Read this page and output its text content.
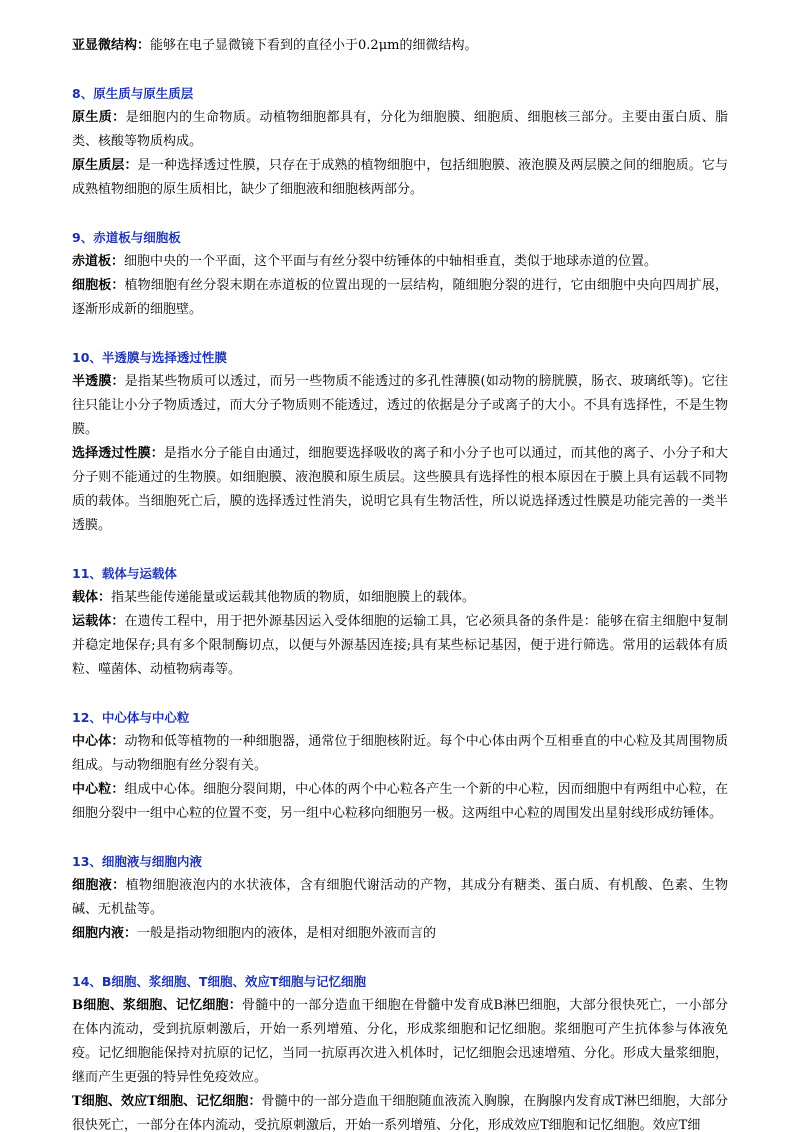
亚显微结构：能够在电子显微镜下看到的直径小于0.2μm的细微结构。

8、原生质与原生质层

原生质：是细胞内的生命物质。动植物细胞都具有，分化为细胞膜、细胞质、细胞核三部分。主要由蛋白质、脂类、核酸等物质构成。

原生质层：是一种选择透过性膜，只存在于成熟的植物细胞中，包括细胞膜、液泡膜及两层膜之间的细胞质。它与成熟植物细胞的原生质相比，缺少了细胞液和细胞核两部分。

9、赤道板与细胞板

赤道板：细胞中央的一个平面，这个平面与有丝分裂中纺锤体的中轴相垂直，类似于地球赤道的位置。

细胞板：植物细胞有丝分裂末期在赤道板的位置出现的一层结构，随细胞分裂的进行，它由细胞中央向四周扩展，逐渐形成新的细胞壁。

10、半透膜与选择透过性膜

半透膜：是指某些物质可以透过，而另一些物质不能透过的多孔性薄膜(如动物的膀胱膜，肠衣、玻璃纸等)。它往往只能让小分子物质透过，而大分子物质则不能透过，透过的依据是分子或离子的大小。不具有选择性，不是生物膜。

选择透过性膜：是指水分子能自由通过，细胞要选择吸收的离子和小分子也可以通过，而其他的离子、小分子和大分子则不能通过的生物膜。如细胞膜、液泡膜和原生质层。这些膜具有选择性的根本原因在于膜上具有运载不同物质的载体。当细胞死亡后，膜的选择透过性消失，说明它具有生物活性，所以说选择透过性膜是功能完善的一类半透膜。

11、载体与运载体

载体：指某些能传递能量或运载其他物质的物质，如细胞膜上的载体。

运载体：在遗传工程中，用于把外源基因运入受体细胞的运输工具，它必须具备的条件是：能够在宿主细胞中复制并稳定地保存;具有多个限制酶切点，以便与外源基因连接;具有某些标记基因，便于进行筛选。常用的运载体有质粒、噬菌体、动植物病毒等。

12、中心体与中心粒

中心体：动物和低等植物的一种细胞器，通常位于细胞核附近。每个中心体由两个互相垂直的中心粒及其周围物质组成。与动物细胞有丝分裂有关。

中心粒：组成中心体。细胞分裂间期，中心体的两个中心粒各产生一个新的中心粒，因而细胞中有两组中心粒，在细胞分裂中一组中心粒的位置不变，另一组中心粒移向细胞另一极。这两组中心粒的周围发出星射线形成纺锤体。

13、细胞液与细胞内液

细胞液：植物细胞液泡内的水状液体，含有细胞代谢活动的产物，其成分有糖类、蛋白质、有机酸、色素、生物碱、无机盐等。

细胞内液：一般是指动物细胞内的液体，是相对细胞外液而言的

14、B细胞、浆细胞、T细胞、效应T细胞与记忆细胞

B细胞、浆细胞、记忆细胞：骨髓中的一部分造血干细胞在骨髓中发育成B淋巴细胞，大部分很快死亡，一小部分在体内流动，受到抗原刺激后，开始一系列增殖、分化，形成浆细胞和记忆细胞。浆细胞可产生抗体参与体液免疫。记忆细胞能保持对抗原的记忆，当同一抗原再次进入机体时，记忆细胞会迅速增殖、分化。形成大量浆细胞，继而产生更强的特异性免疫效应。

T细胞、效应T细胞、记忆细胞：骨髓中的一部分造血干细胞随血液流入胸腺，在胸腺内发育成T淋巴细胞，大部分很快死亡，一部分在体内流动，受抗原刺激后，开始一系列增殖、分化，形成效应T细胞和记忆细胞。效应T细
